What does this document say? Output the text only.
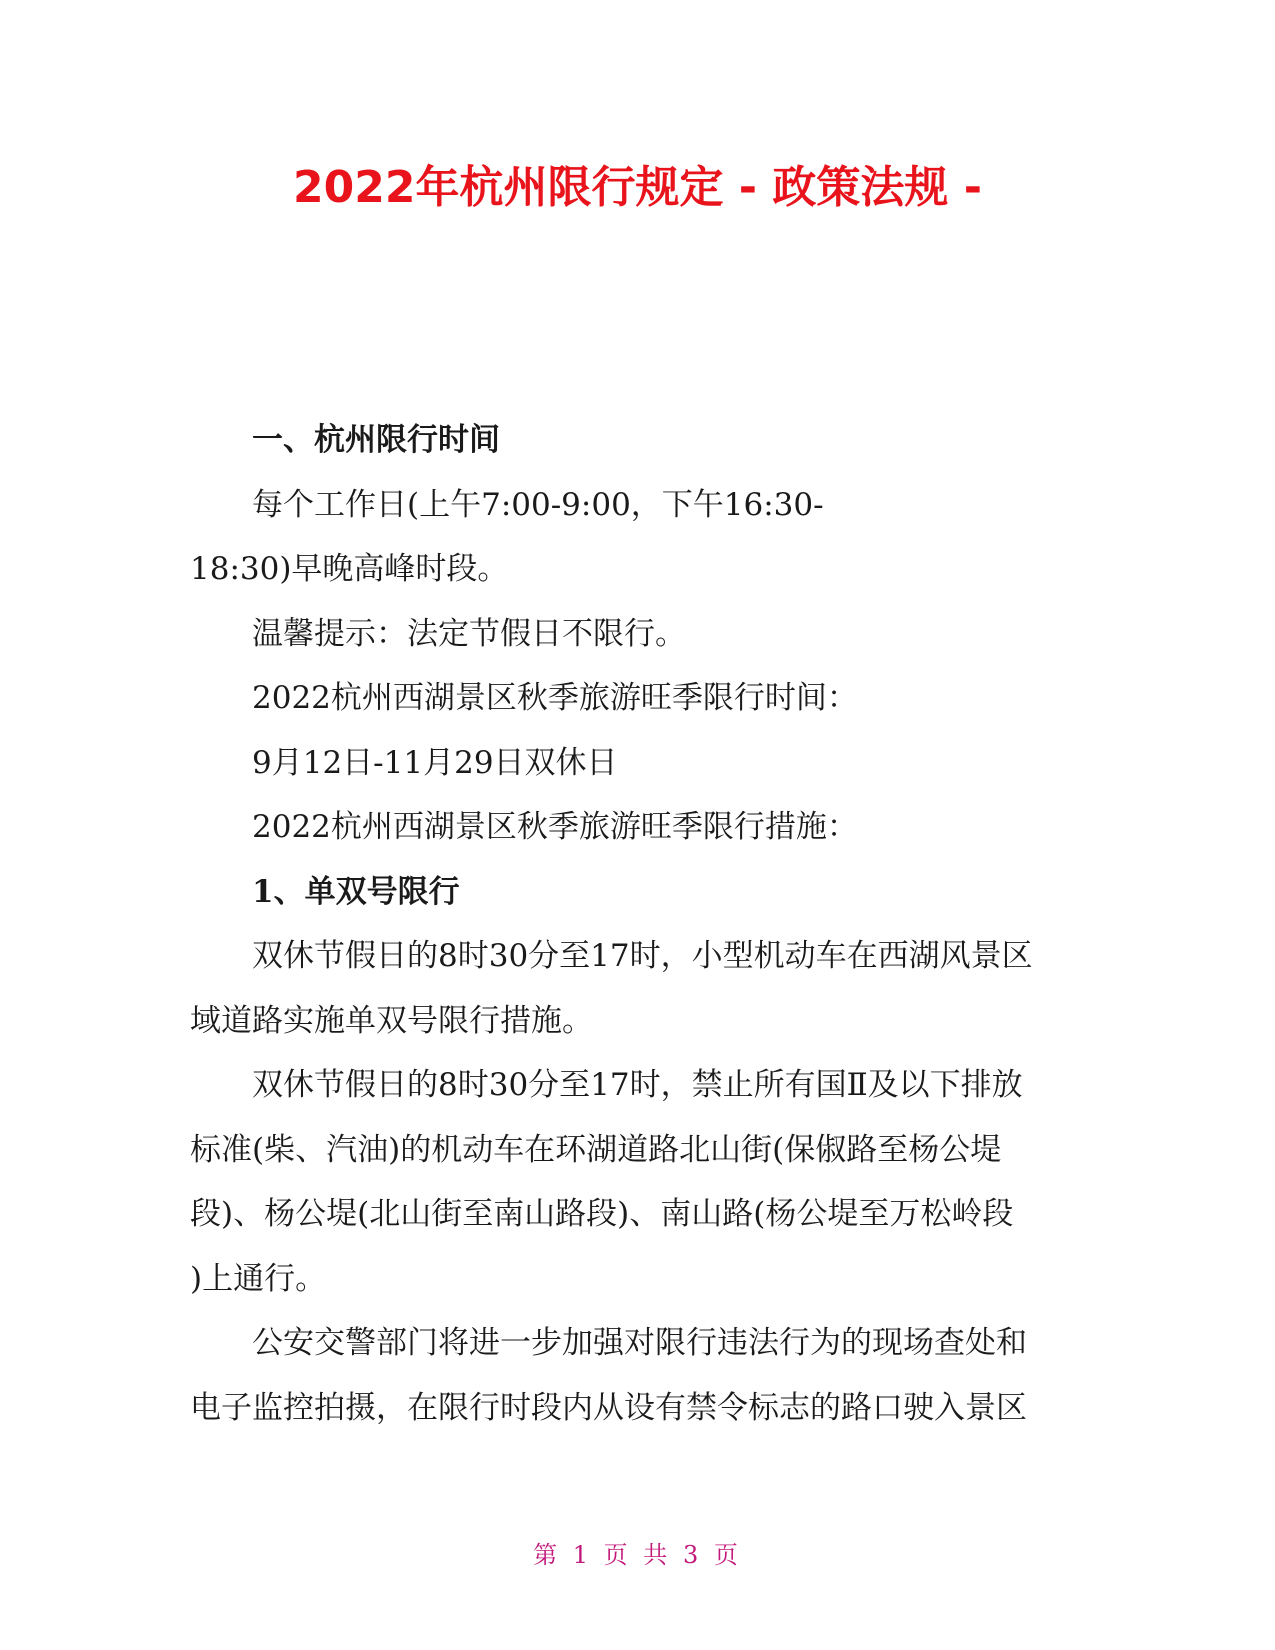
2022年杭州限行规定 - 政策法规 -

一、杭州限行时间

每个工作日(上午7:00-9:00，下午16:30-

18:30)早晚高峰时段。

温馨提示：法定节假日不限行。

2022杭州西湖景区秋季旅游旺季限行时间：

9月12日-11月29日双休日

2022杭州西湖景区秋季旅游旺季限行措施：

1、单双号限行

双休节假日的8时30分至17时，小型机动车在西湖风景区

域道路实施单双号限行措施。

双休节假日的8时30分至17时，禁止所有国Ⅱ及以下排放

标准(柴、汽油)的机动车在环湖道路北山街(保俶路至杨公堤

段)、杨公堤(北山街至南山路段)、南山路(杨公堤至万松岭段

)上通行。

公安交警部门将进一步加强对限行违法行为的现场查处和

电子监控拍摄，在限行时段内从设有禁令标志的路口驶入景区

第 1 页 共 3 页
